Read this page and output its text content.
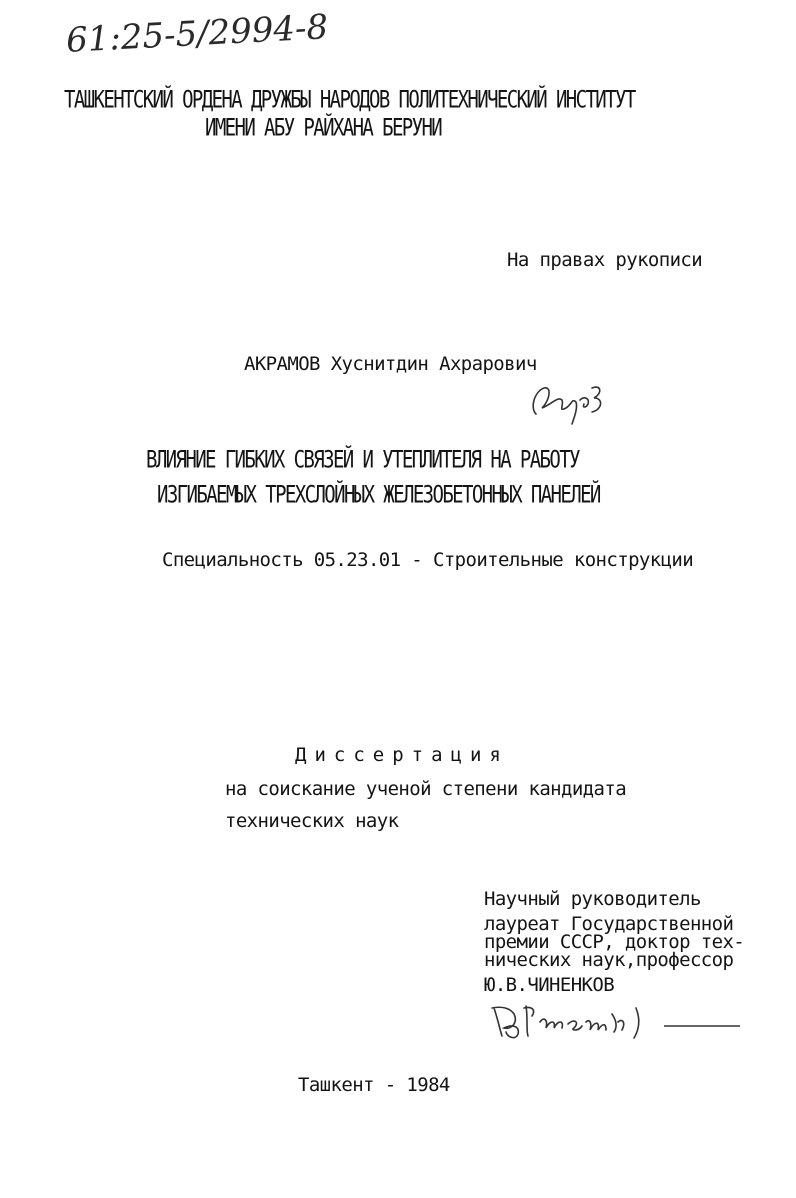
61:25-5/2994-8
ТАШКЕНТСКИЙ ОРДЕНА ДРУЖБЫ НАРОДОВ ПОЛИТЕХНИЧЕСКИЙ ИНСТИТУТ
ИМЕНИ АБУ РАЙХАНА БЕРУНИ
На правах рукописи
АКРАМОВ Хуснитдин Ахрарович
ВЛИЯНИЕ ГИБКИХ СВЯЗЕЙ И УТЕПЛИТЕЛЯ НА РАБОТУ
ИЗГИБАЕМЫХ ТРЕХСЛОЙНЫХ ЖЕЛЕЗОБЕТОННЫХ ПАНЕЛЕЙ
Специальность 05.23.01 - Строительные конструкции
Диссертация
на соискание ученой степени кандидата
технических наук
Научный руководитель
лауреат Государственной
премии СССР, доктор тех-
нических наук,профессор
Ю.В.ЧИНЕНКОВ
Ташкент - 1984
